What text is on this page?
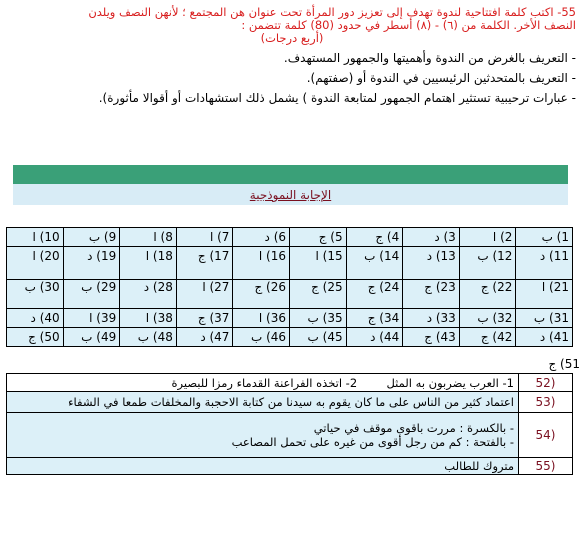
55- اكتب كلمة افتتاحية لندوة تهدف إلى تعزيز دور المرأة تحت عنوان هن المجتمع ؛ لأنهن النصف ويلدن
النصف الأخر. الكلمة من (٦) - (٨) أسطر في حدود (80) كلمة تتضمن :
(أربع درجات)
- التعريف بالغرض من الندوة وأهميتها والجمهور المستهدف.
- التعريف بالمتحدثين الرئيسيين في الندوة أو (صفتهم).
- عبارات ترحيبية تستثير اهتمام الجمهور لمتابعة الندوة ) يشمل ذلك استشهادات أو أقوالا مأثورة).
الإجابة النموذجية
1) ب	2) ا	3) د	4) ج	5) ج	6) د	7) ا	8) ا	9) ب	10) ا
11) د	12) ب	13) د	14) ب	15) ا	16) ا	17) ج	18) ا	19) د	20) ا
21) ا	22) ج	23) ج	24) ج	25) ج	26) ج	27) ا	28) د	29) ب	30) ب
31) ب	32) ب	33) د	34) ج	35) ب	36) ا	37) ج	38) ا	39) ا	40) د
41) د	42) ج	43) ج	44) د	45) ب	46) ب	47) د	48) ب	49) ب	50) ج
51) ج
(52	1- العرب يضربون به المثل  2- اتخذه الفراعنة القدماء رمزا للبصيرة
(53	اعتماد كثير من الناس على ما كان يقوم به سيدنا من كتابة الاحجبة والمخلفات طمعا في الشفاء
(54	- بالكسرة : مررت باقوى موقف في حياتي
- بالفتحة : كم من رجل أقوى من غيره على تحمل المصاعب

(55	متروك للطالب
